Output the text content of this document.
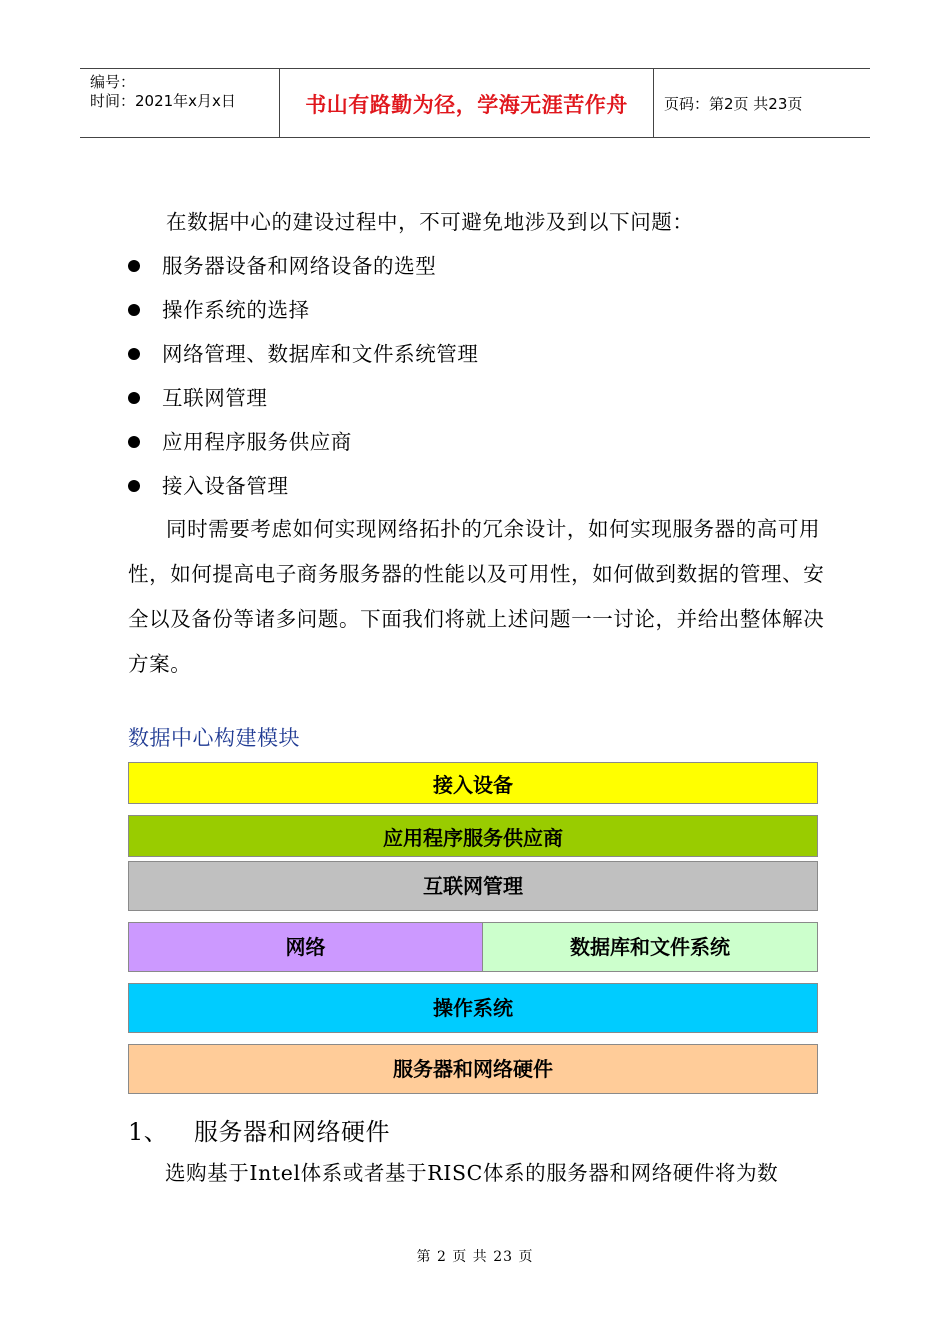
编号：
时间：2021年x月x日	书山有路勤为径，学海无涯苦作舟	页码：第2页 共23页
在数据中心的建设过程中，不可避免地涉及到以下问题：
服务器设备和网络设备的选型
操作系统的选择
网络管理、数据库和文件系统管理
互联网管理
应用程序服务供应商
接入设备管理
同时需要考虑如何实现网络拓扑的冗余设计，如何实现服务器的高可用性，如何提高电子商务服务器的性能以及可用性，如何做到数据的管理、安全以及备份等诸多问题。下面我们将就上述问题一一讨论，并给出整体解决方案。
数据中心构建模块
接入设备
应用程序服务供应商
互联网管理
网络	数据库和文件系统
操作系统
服务器和网络硬件
1、 服务器和网络硬件
选购基于Intel体系或者基于RISC体系的服务器和网络硬件将为数
第 2 页 共 23 页
